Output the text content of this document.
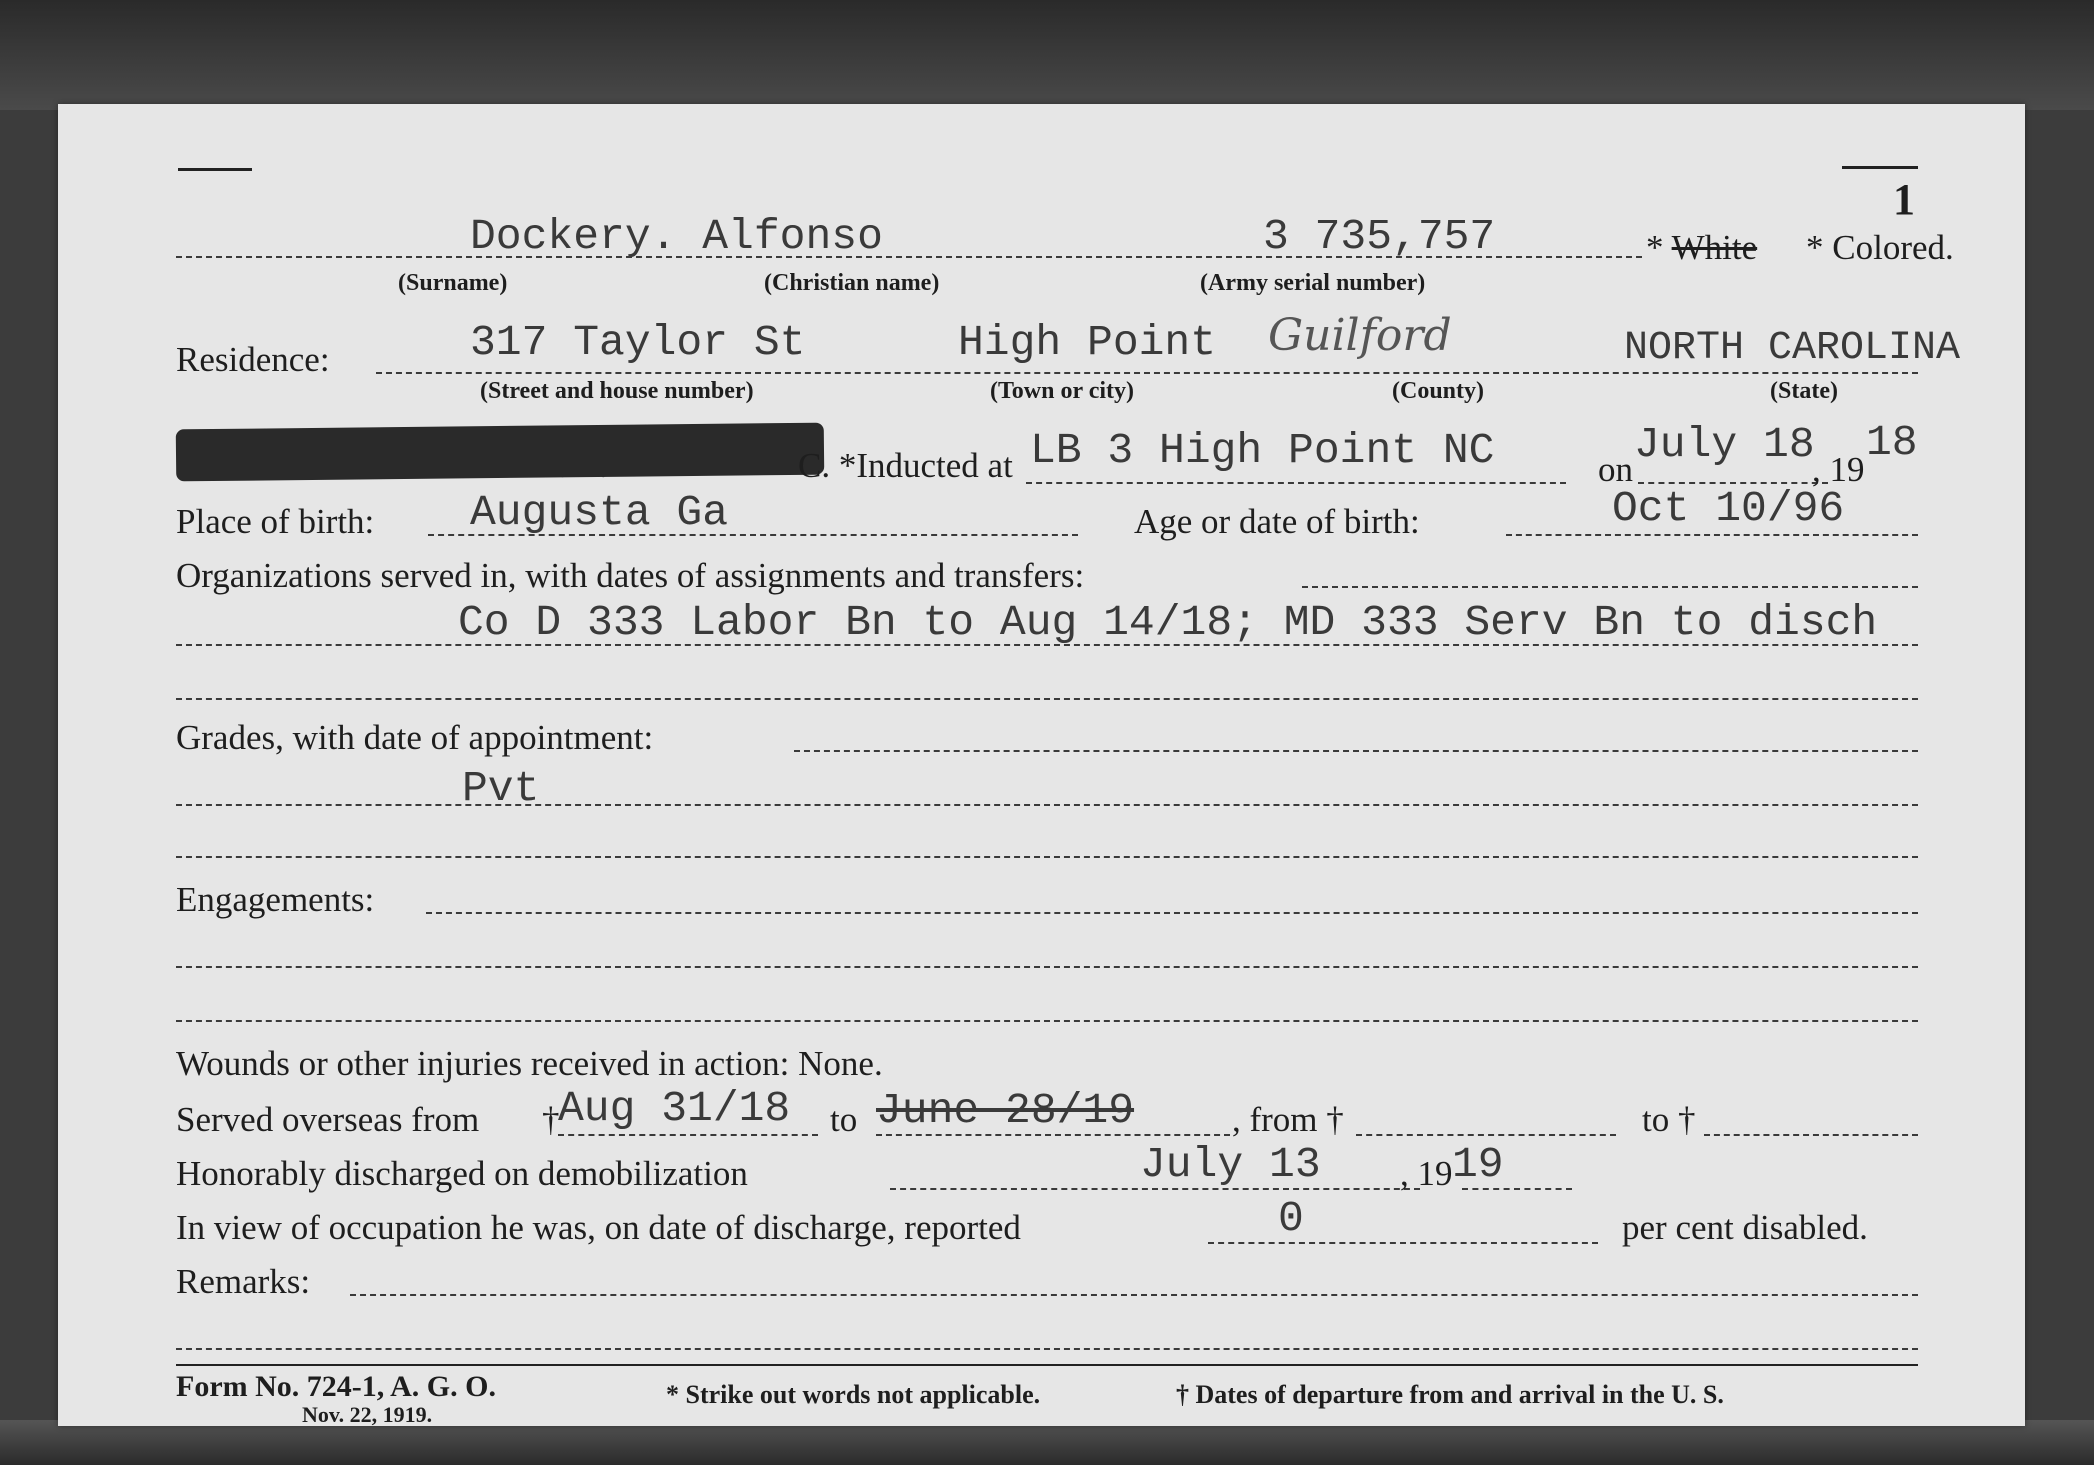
1
Dockery. Alfonso	3 735,757	* White * Colored.
(Surname)	(Christian name)	(Army serial number)
Residence:	317 Taylor St	High Point Guilford	NORTH CAROLINA
(Street and house number)	(Town or city)	(County)	(State)
C. *Inducted at LB 3 High Point NC	on
July 18
, 19
18
Place of birth: Augusta Ga	Age or date of birth:	Oct 10/96
Organizations served in, with dates of assignments and transfers:
Co D 333 Labor Bn to Aug 14/18; MD 333 Serv Bn to disch
Grades, with date of appointment:
Pvt
Engagements:
Wounds or other injuries received in action: None.
Served overseas from †
Aug 31/18 to June 28/19	, from †	to †
Honorably discharged on demobilization	July 13 , 19 19
In view of occupation he was, on date of discharge, reported	0	per cent disabled.
Remarks:
Form No. 724-1, A. G. O.
Nov. 22, 1919.
* Strike out words not applicable.	† Dates of departure from and arrival in the U. S.
